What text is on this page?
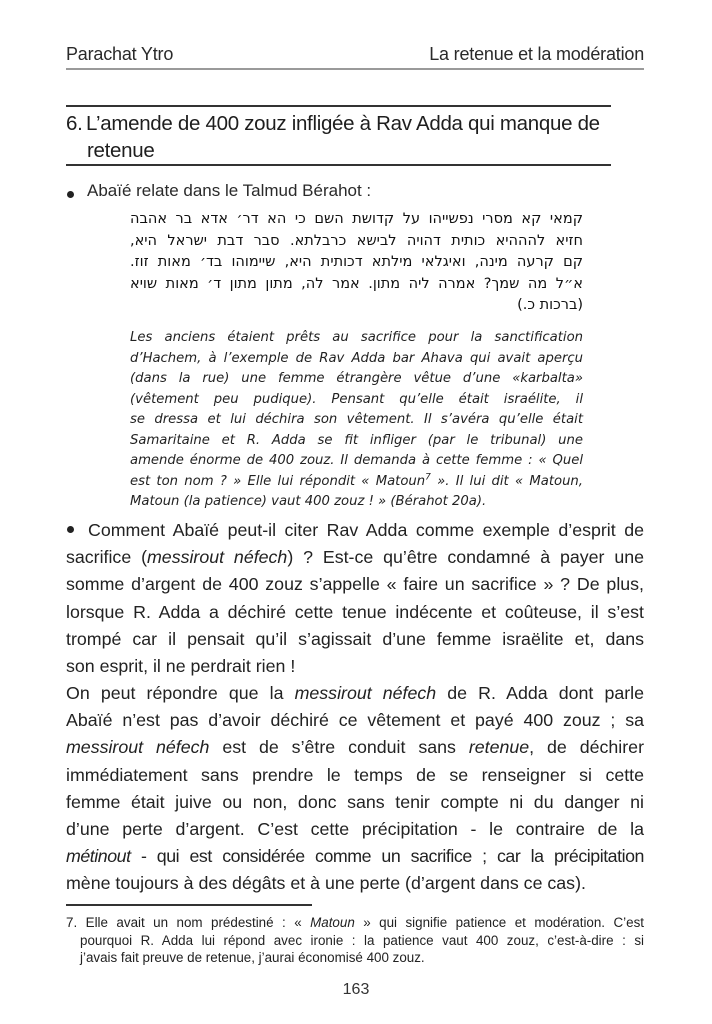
Parachat Ytro	La retenue et la modération
6. L’amende de 400 zouz infligée à Rav Adda qui manque de
retenue
Abaïé relate dans le Talmud Bérahot :
קמאי קא מסרי נפשייהו על קדושת השם כי הא דר׳ אדא בר אהבה
חזיא להההיא כותית דהויה לבישא כרבלתא. סבר דבת ישראל היא,
קם קרעה מינה, ואיגלאי מילתא דכותית היא, שיימוהו בד׳ מאות זוז.
א״ל מה שמך? אמרה ליה מתון. אמר לה, מתון מתון ד׳ מאות שויא
(ברכות כ.)
Les anciens étaient prêts au sacrifice pour la sanctification
d’Hachem, à l’exemple de Rav Adda bar Ahava qui avait aperçu
(dans la rue) une femme étrangère vêtue d’une «karbalta»
(vêtement peu pudique). Pensant qu’elle était israélite, il
se dressa et lui déchira son vêtement. Il s’avéra qu’elle était
Samaritaine et R. Adda se fit infliger (par le tribunal) une
amende énorme de 400 zouz. Il demanda à cette femme : « Quel
est ton nom ? » Elle lui répondit « Matoun$^7$ ». Il lui dit « Matoun,
Matoun (la patience) vaut 400 zouz ! » (Bérahot 20a).
Comment Abaïé peut-il citer Rav Adda comme exemple d’esprit de
sacrifice (messirout néfech) ? Est-ce qu’être condamné à payer une
somme d’argent de 400 zouz s’appelle « faire un sacrifice » ? De plus,
lorsque R. Adda a déchiré cette tenue indécente et coûteuse, il s’est
trompé car il pensait qu’il s’agissait d’une femme israëlite et, dans
son esprit, il ne perdrait rien !
On peut répondre que la messirout néfech de R. Adda dont parle
Abaïé n’est pas d’avoir déchiré ce vêtement et payé 400 zouz ; sa
messirout néfech est de s’être conduit sans retenue, de déchirer
immédiatement sans prendre le temps de se renseigner si cette
femme était juive ou non, donc sans tenir compte ni du danger ni
d’une perte d’argent. C’est cette précipitation - le contraire de la
métinout - qui est considérée comme un sacrifice ; car la précipitation
mène toujours à des dégâts et à une perte (d’argent dans ce cas).
7. Elle avait un nom prédestiné : « Matoun » qui signifie patience et modération. C’est
pourquoi R. Adda lui répond avec ironie : la patience vaut 400 zouz, c’est-à-dire : si
j’avais fait preuve de retenue, j’aurai économisé 400 zouz.
163
